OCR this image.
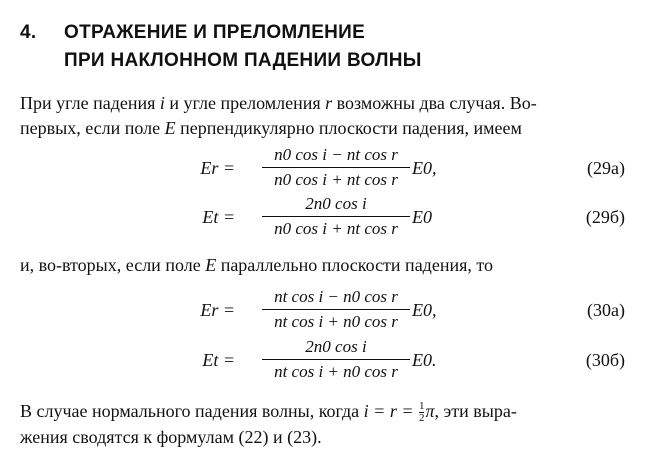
4. ОТРАЖЕНИЕ И ПРЕЛОМЛЕНИЕ
ПРИ НАКЛОННОМ ПАДЕНИИ ВОЛНЫ
При угле падения i и угле преломления r возможны два случая. Во-
первых, если поле E перпендикулярно плоскости падения, имеем
Er =
n0 cos i − nt cos r
n0 cos i + nt cos r
E0,	(29а)
Et =
2n0 cos i
n0 cos i + nt cos r
E0	(29б)
и, во-вторых, если поле E параллельно плоскости падения, то
Er =
nt cos i − n0 cos r
nt cos i + n0 cos r
E0,	(30а)
Et =
2n0 cos i
nt cos i + n0 cos r
E0.	(30б)
В случае нормального падения волны, когда $i = r = \frac{1}{2}\pi$, эти выра-
жения сводятся к формулам (22) и (23).
